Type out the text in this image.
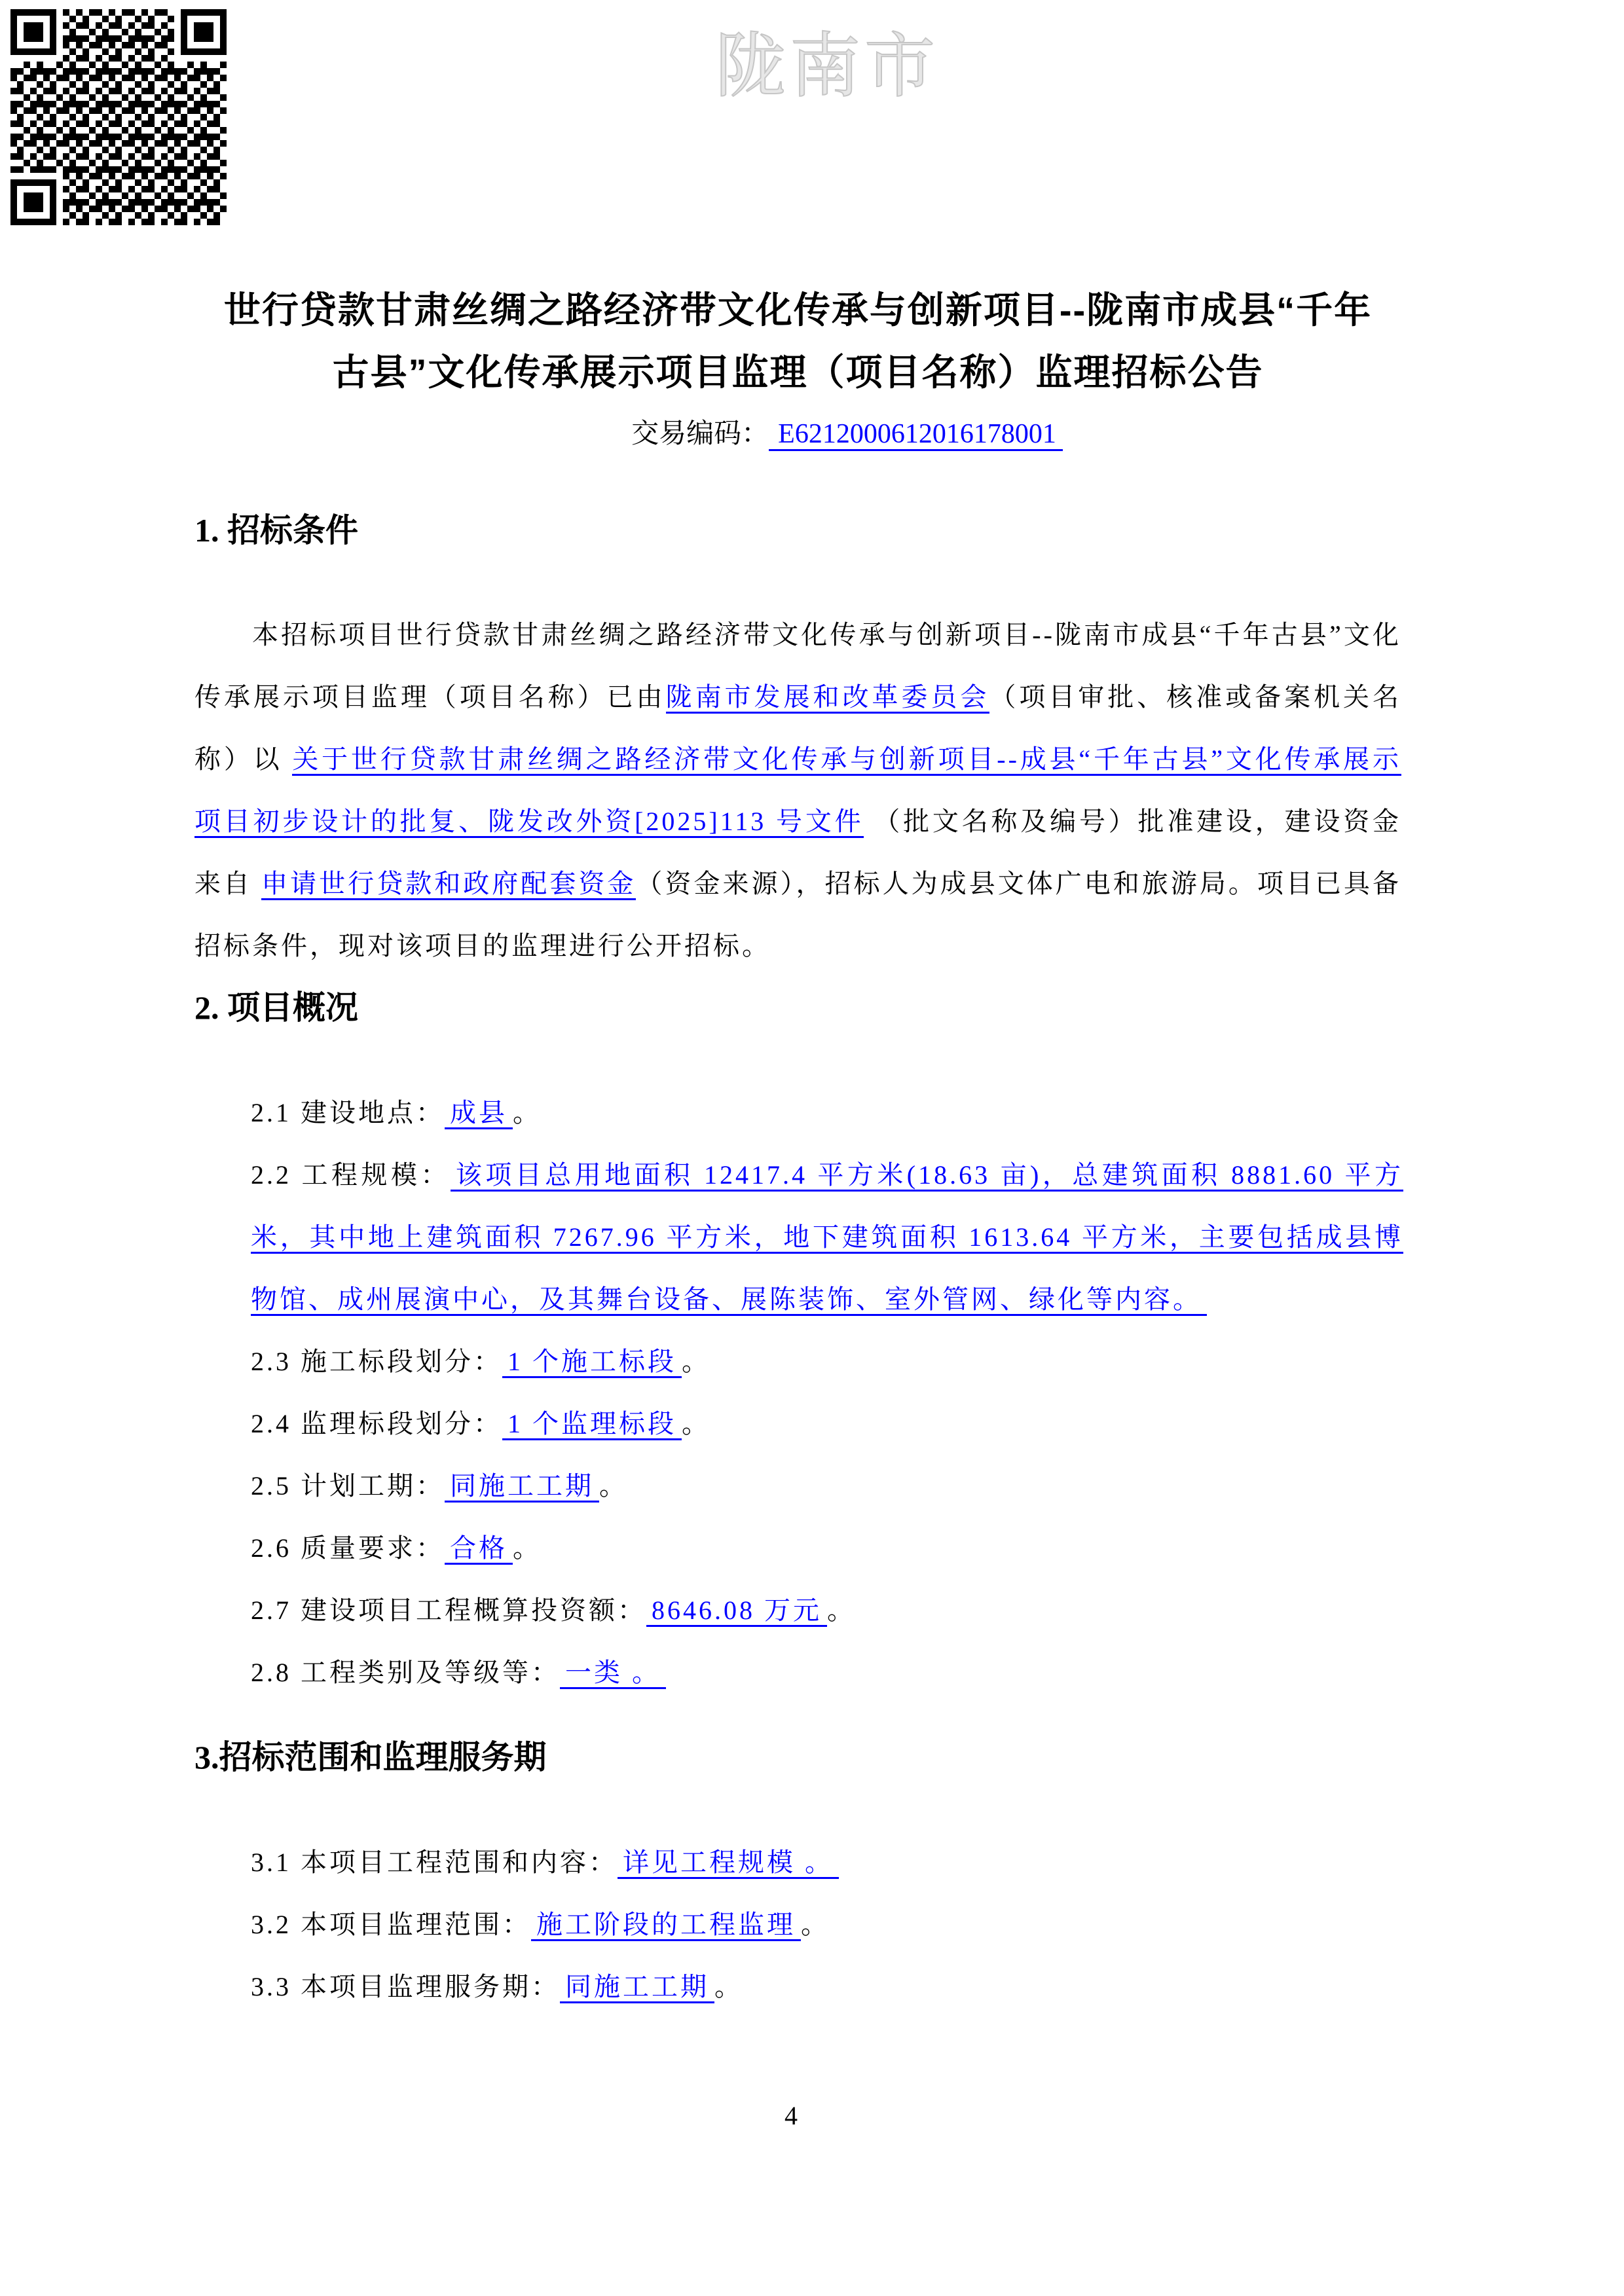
陇南市
世行贷款甘肃丝绸之路经济带文化传承与创新项目--陇南市成县“千年
古县”文化传承展示项目监理（项目名称）监理招标公告
交易编码： E6212000612016178001
1. 招标条件

本招标项目世行贷款甘肃丝绸之路经济带文化传承与创新项目--陇南市成县“千年古县”文化传承展示项目监理（项目名称）已由陇南市发展和改革委员会（项目审批、核准或备案机关名称）以 关于世行贷款甘肃丝绸之路经济带文化传承与创新项目--成县“千年古县”文化传承展示项目初步设计的批复、陇发改外资[2025]113 号文件 （批文名称及编号）批准建设，建设资金来自 申请世行贷款和政府配套资金（资金来源），招标人为成县文体广电和旅游局。项目已具备招标条件，现对该项目的监理进行公开招标。

2. 项目概况
2.1 建设地点： 成县 。
2.2 工程规模： 该项目总用地面积 12417.4 平方米(18.63 亩)，总建筑面积 8881.60 平方米，其中地上建筑面积 7267.96 平方米，地下建筑面积 1613.64 平方米，主要包括成县博物馆、成州展演中心，及其舞台设备、展陈装饰、室外管网、绿化等内容。
2.3 施工标段划分： 1 个施工标段 。
2.4 监理标段划分： 1 个监理标段 。
2.5 计划工期： 同施工工期 。
2.6 质量要求： 合格 。
2.7 建设项目工程概算投资额： 8646.08 万元 。
2.8 工程类别及等级等： 一类 。
3.招标范围和监理服务期
3.1 本项目工程范围和内容： 详见工程规模 。
3.2 本项目监理范围： 施工阶段的工程监理 。
3.3 本项目监理服务期： 同施工工期 。
4
